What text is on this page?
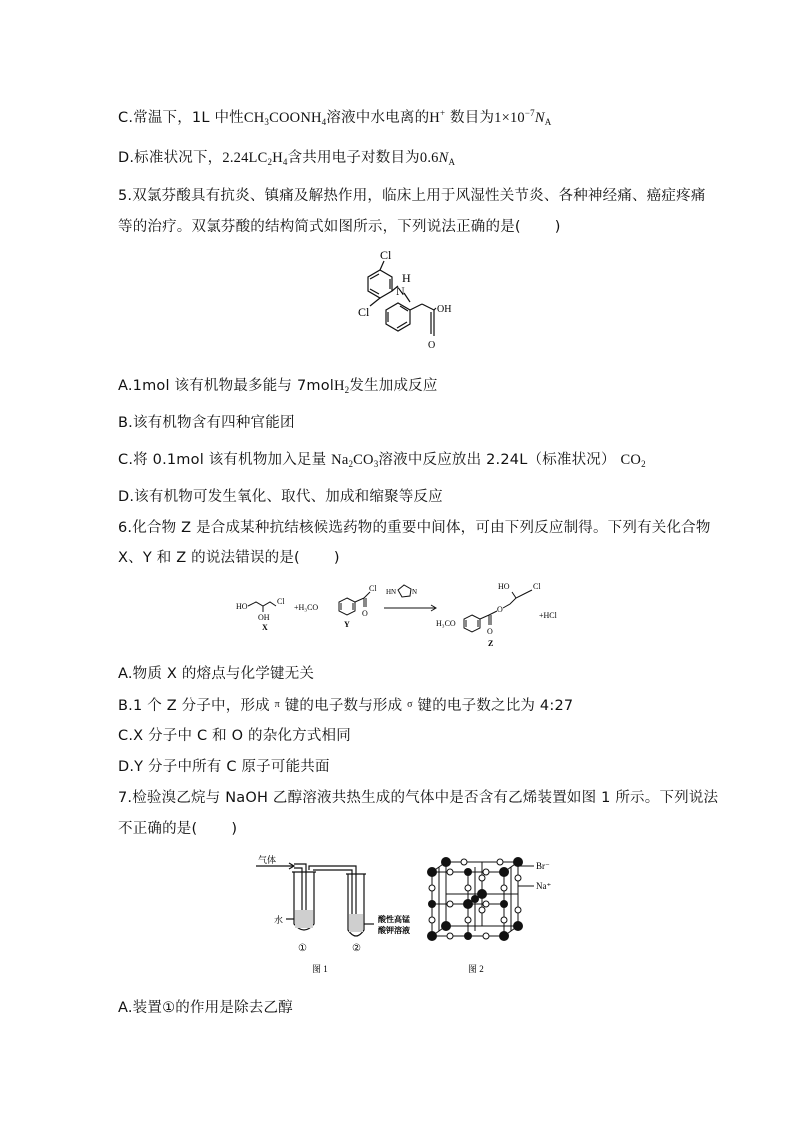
C.常温下，1L 中性$CH_3COONH_4$溶液中水电离的H+ 数目为$1\times 10^{-7}N_A$
D.标准状况下，$2.24LC_2H_4$含共用电子对数目为$0.6N_A$
5.双氯芬酸具有抗炎、镇痛及解热作用，临床上用于风湿性关节炎、各种神经痛、癌症疼痛
等的治疗。双氯芬酸的结构简式如图所示，下列说法正确的是( )
Cl
Cl
N
H
OH
O
A.1mol 该有机物最多能与 7molH$_2$发生加成反应
B.该有机物含有四种官能团
C.将 0.1mol 该有机物加入足量 $Na_2CO_3$溶液中反应放出 2.24L（标准状况） $CO_2$
D.该有机物可发生氧化、取代、加成和缩聚等反应
6.化合物 Z 是合成某种抗结核候选药物的重要中间体，可由下列反应制得。下列有关化合物
X、Y 和 Z 的说法错误的是( )
HO
OH
Cl
X
+H₃CO
Cl
O
Y
HN N
H₃CO
HO	Cl
O
O
Z
+HCl
A.物质 X 的熔点与化学键无关
B.1 个 Z 分子中，形成 $^\pi$ 键的电子数与形成 $^\sigma$ 键的电子数之比为 4:27
C.X 分子中 C 和 O 的杂化方式相同
D.Y 分子中所有 C 原子可能共面
7.检验溴乙烷与 NaOH 乙醇溶液共热生成的气体中是否含有乙烯装置如图 1 所示。下列说法
不正确的是( )
气体
水
①	②
酸性高锰
酸钾溶液
图 1
Br⁻
Na⁺
图 2
A.装置①的作用是除去乙醇
